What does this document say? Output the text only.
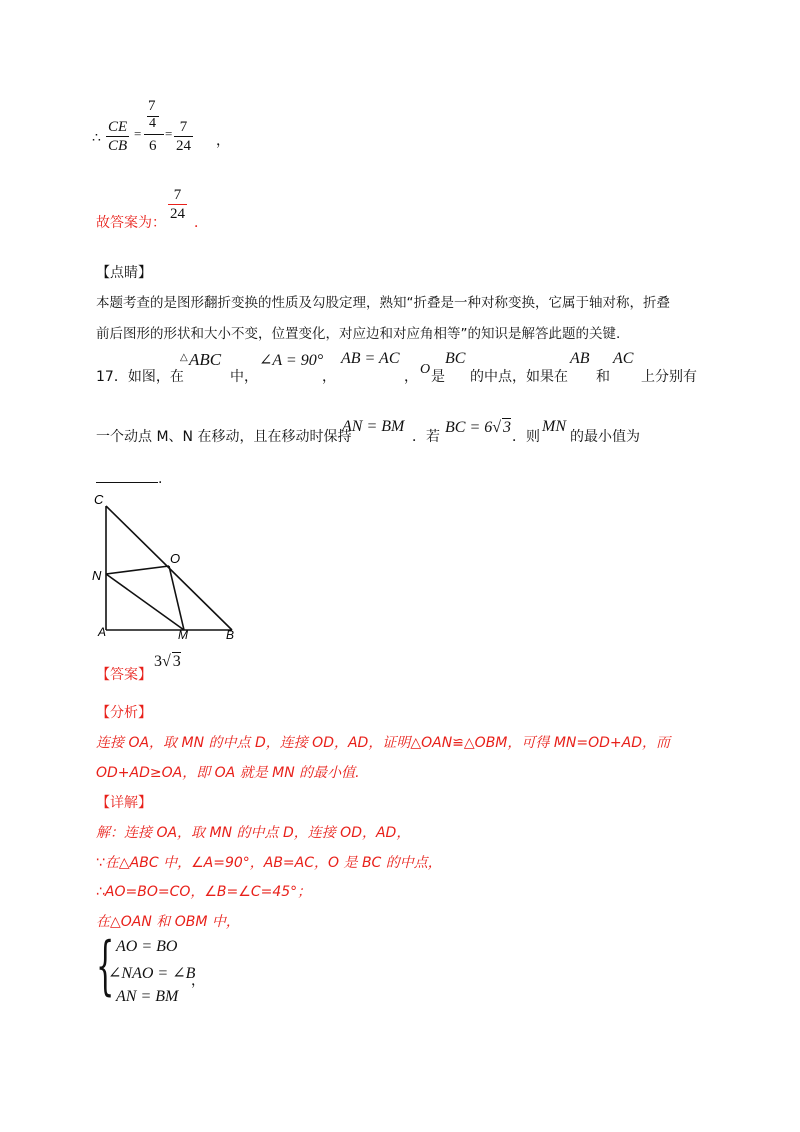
∴ $\frac{CE}{CB}$ =
7
4
6
= $\frac{7}{24}$ ，
故答案为： $\frac{7}{24}$ ．
【点睛】
本题考查的是图形翻折变换的性质及勾股定理，熟知“折叠是一种对称变换，它属于轴对称，折叠
前后图形的形状和大小不变，位置变化，对应边和对应角相等”的知识是解答此题的关键.
17．如图，在
△ ABC
中，
∠A = 90°
，
AB = AC
， O 是
BC
的中点，如果在
AB
和
AC
上分别有
一个动点 M、N 在移动，且在移动时保持
AN = BM
．若
BC = 6√ 3
．则
MN
的最小值为
.
C
O
N
A	M	B
【答案】
3√ 3
【分析】
连接 OA，取 MN 的中点 D，连接 OD，AD，证明△OAN≌△OBM，可得 MN=OD+AD，而
OD+AD≥OA，即 OA 就是 MN 的最小值.
【详解】
解：连接 OA，取 MN 的中点 D，连接 OD，AD，
∵在△ABC 中，∠A=90°，AB=AC，O 是 BC 的中点，
∴AO=BO=CO，∠B=∠C=45°；
在△OAN 和 OBM 中，
{ AO = BO
∠NAO = ∠B
AN = BM
，
